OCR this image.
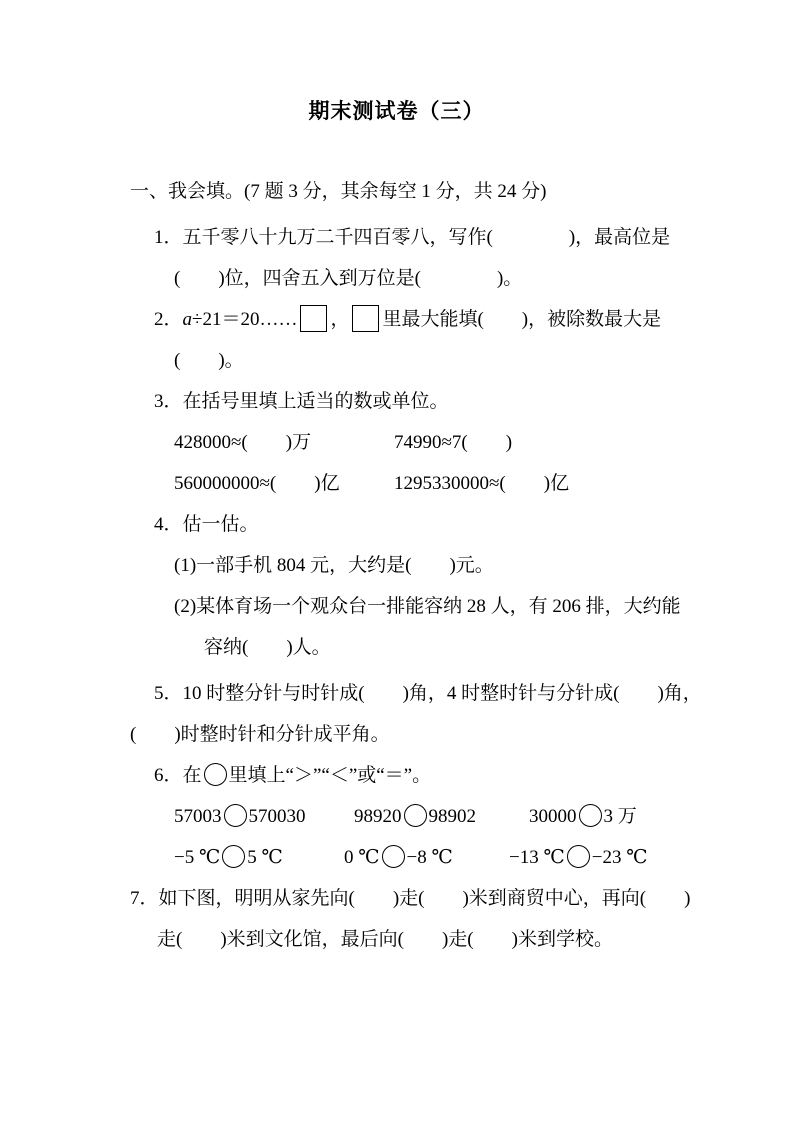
期末测试卷（三）
一、我会填。(7 题 3 分，其余每空 1 分，共 24 分)
1．五千零八十九万二千四百零八，写作(　　　　)，最高位是
(　　)位，四舍五入到万位是(　　　　)。
2．a÷21＝20…… ， 里最大能填(　　)，被除数最大是
(　　)。
3．在括号里填上适当的数或单位。
428000≈(　　)万	74990≈7(　　)
560000000≈(　　)亿	1295330000≈(　　)亿
4．估一估。
(1)一部手机 804 元，大约是(　　)元。
(2)某体育场一个观众台一排能容纳 28 人，有 206 排，大约能
容纳(　　)人。
5．10 时整分针与时针成(　　)角，4 时整时针与分针成(　　)角，
(　　)时整时针和分针成平角。
6．在 里填上“＞”“＜”或“＝”。
57003 570030	98920 98902	30000 3 万
−5 ℃ 5 ℃	0 ℃ −8 ℃	−13 ℃ −23 ℃
7．如下图，明明从家先向(　　)走(　　)米到商贸中心，再向(　　)
走(　　)米到文化馆，最后向(　　)走(　　)米到学校。
